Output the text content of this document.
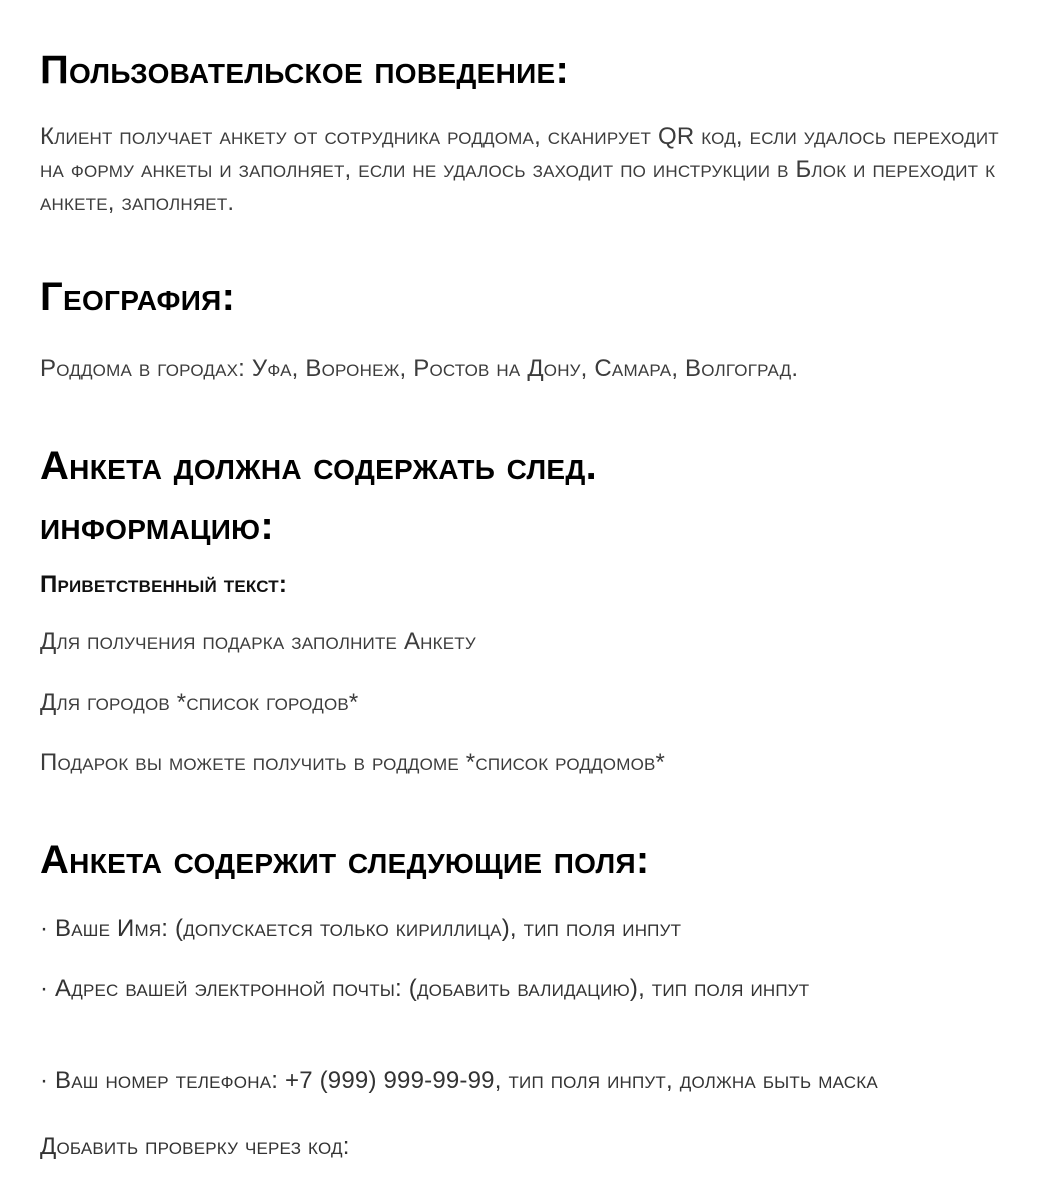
Пользовательское поведение:

Клиент получает анкету от сотрудника роддома, сканирует QR код, если удалось переходит на форму анкеты и заполняет, если не удалось заходит по инструкции в Блок и переходит к анкете, заполняет.

География:

Роддома в городах: Уфа, Воронеж, Ростов на Дону, Самара, Волгоград.

Анкета должна содержать след. информацию:

Приветственный текст:

Для получения подарка заполните Анкету

Для городов *список городов*

Подарок вы можете получить в роддоме *список роддомов*

Анкета содержит следующие поля:

· Ваше Имя: (допускается только кириллица), тип поля инпут

· Адрес вашей электронной почты: (добавить валидацию), тип поля инпут

· Ваш номер телефона: +7 (999) 999-99-99, тип поля инпут, должна быть маска

Добавить проверку через код:
